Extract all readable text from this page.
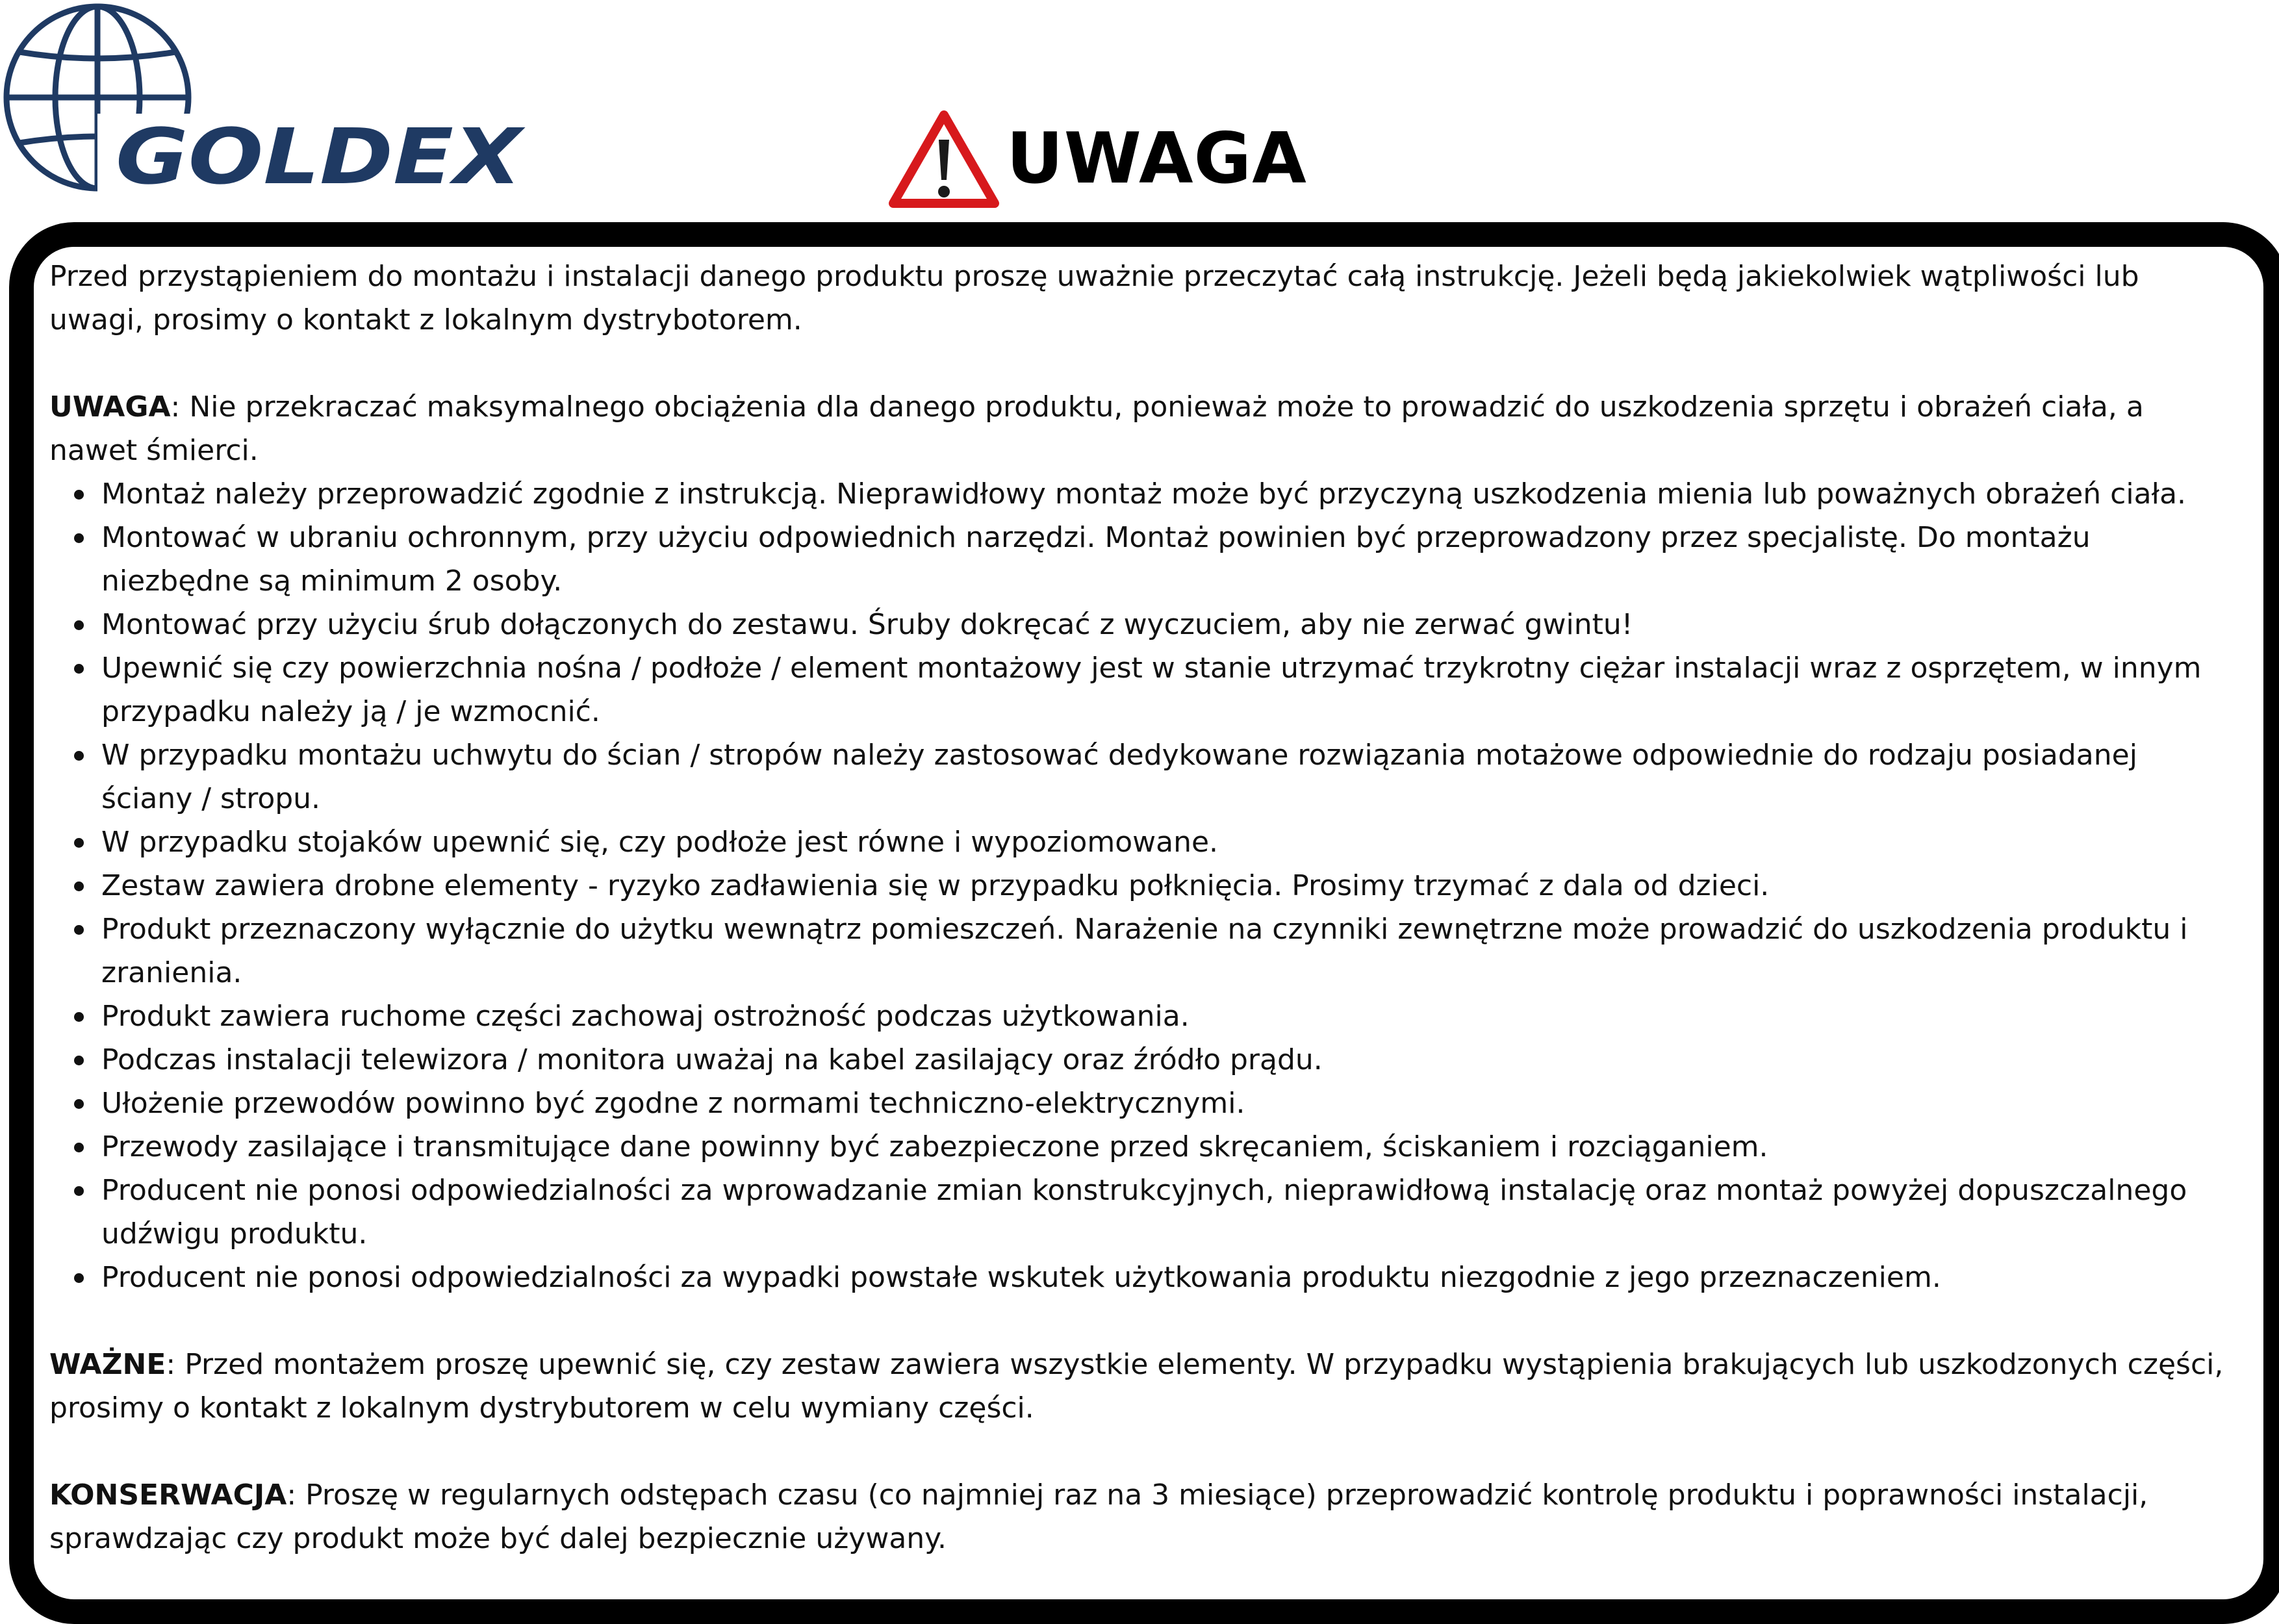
GOLDEX	UWAGA

Przed przystąpieniem do montażu i instalacji danego produktu proszę uważnie przeczytać całą instrukcję. Jeżeli będą jakiekolwiek wątpliwości lub uwagi, prosimy o kontakt z lokalnym dystrybotorem.

UWAGA: Nie przekraczać maksymalnego obciążenia dla danego produktu, ponieważ może to prowadzić do uszkodzenia sprzętu i obrażeń ciała, a nawet śmierci.

Montaż należy przeprowadzić zgodnie z instrukcją. Nieprawidłowy montaż może być przyczyną uszkodzenia mienia lub poważnych obrażeń ciała.
Montować w ubraniu ochronnym, przy użyciu odpowiednich narzędzi. Montaż powinien być przeprowadzony przez specjalistę. Do montażu niezbędne są minimum 2 osoby.
Montować przy użyciu śrub dołączonych do zestawu. Śruby dokręcać z wyczuciem, aby nie zerwać gwintu!
Upewnić się czy powierzchnia nośna / podłoże / element montażowy jest w stanie utrzymać trzykrotny ciężar instalacji wraz z osprzętem, w innym przypadku należy ją / je wzmocnić.
W przypadku montażu uchwytu do ścian / stropów należy zastosować dedykowane rozwiązania motażowe odpowiednie do rodzaju posiadanej ściany / stropu.
W przypadku stojaków upewnić się, czy podłoże jest równe i wypoziomowane.
Zestaw zawiera drobne elementy - ryzyko zadławienia się w przypadku połknięcia. Prosimy trzymać z dala od dzieci.
Produkt przeznaczony wyłącznie do użytku wewnątrz pomieszczeń. Narażenie na czynniki zewnętrzne może prowadzić do uszkodzenia produktu i zranienia.
Produkt zawiera ruchome części zachowaj ostrożność podczas użytkowania.
Podczas instalacji telewizora / monitora uważaj na kabel zasilający oraz źródło prądu.
Ułożenie przewodów powinno być zgodne z normami techniczno-elektrycznymi.
Przewody zasilające i transmitujące dane powinny być zabezpieczone przed skręcaniem, ściskaniem i rozciąganiem.
Producent nie ponosi odpowiedzialności za wprowadzanie zmian konstrukcyjnych, nieprawidłową instalację oraz montaż powyżej dopuszczalnego udźwigu produktu.
Producent nie ponosi odpowiedzialności za wypadki powstałe wskutek użytkowania produktu niezgodnie z jego przeznaczeniem.

WAŻNE: Przed montażem proszę upewnić się, czy zestaw zawiera wszystkie elementy. W przypadku wystąpienia brakujących lub uszkodzonych części, prosimy o kontakt z lokalnym dystrybutorem w celu wymiany części.

KONSERWACJA: Proszę w regularnych odstępach czasu (co najmniej raz na 3 miesiące) przeprowadzić kontrolę produktu i poprawności instalacji, sprawdzając czy produkt może być dalej bezpiecznie używany.
